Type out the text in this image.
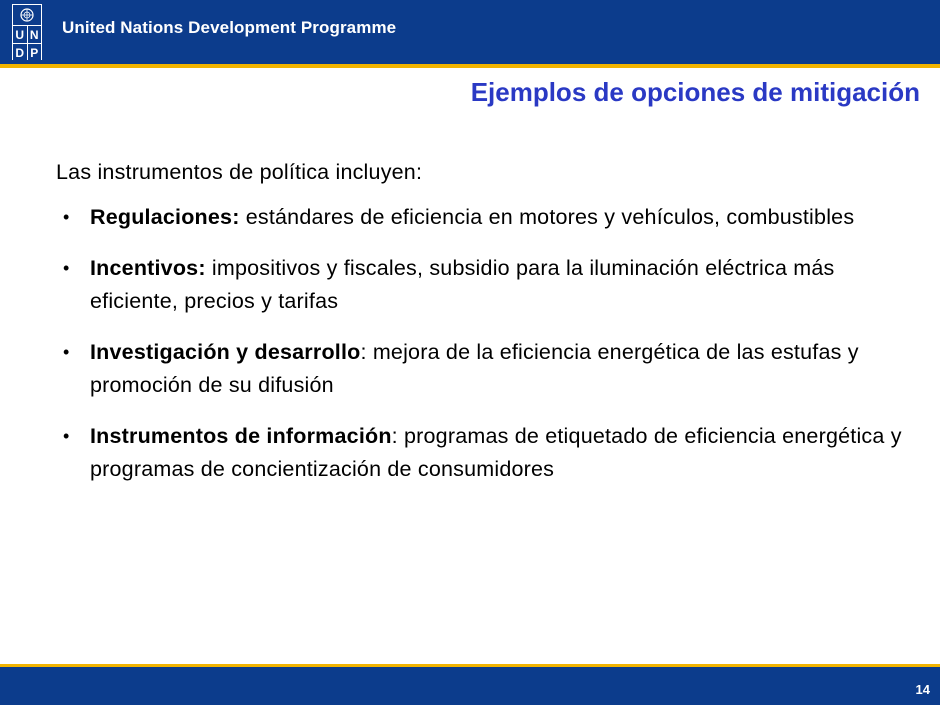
U N
D P
United Nations Development Programme
Ejemplos de opciones de mitigación

Las instrumentos de política incluyen:

• Regulaciones: estándares de eficiencia en motores y vehículos, combustibles
• Incentivos: impositivos y fiscales, subsidio para la iluminación eléctrica más eficiente, precios y tarifas
• Investigación y desarrollo: mejora de la eficiencia energética de las estufas y promoción de su difusión
• Instrumentos de información: programas de etiquetado de eficiencia energética y programas de concientización de consumidores
14
